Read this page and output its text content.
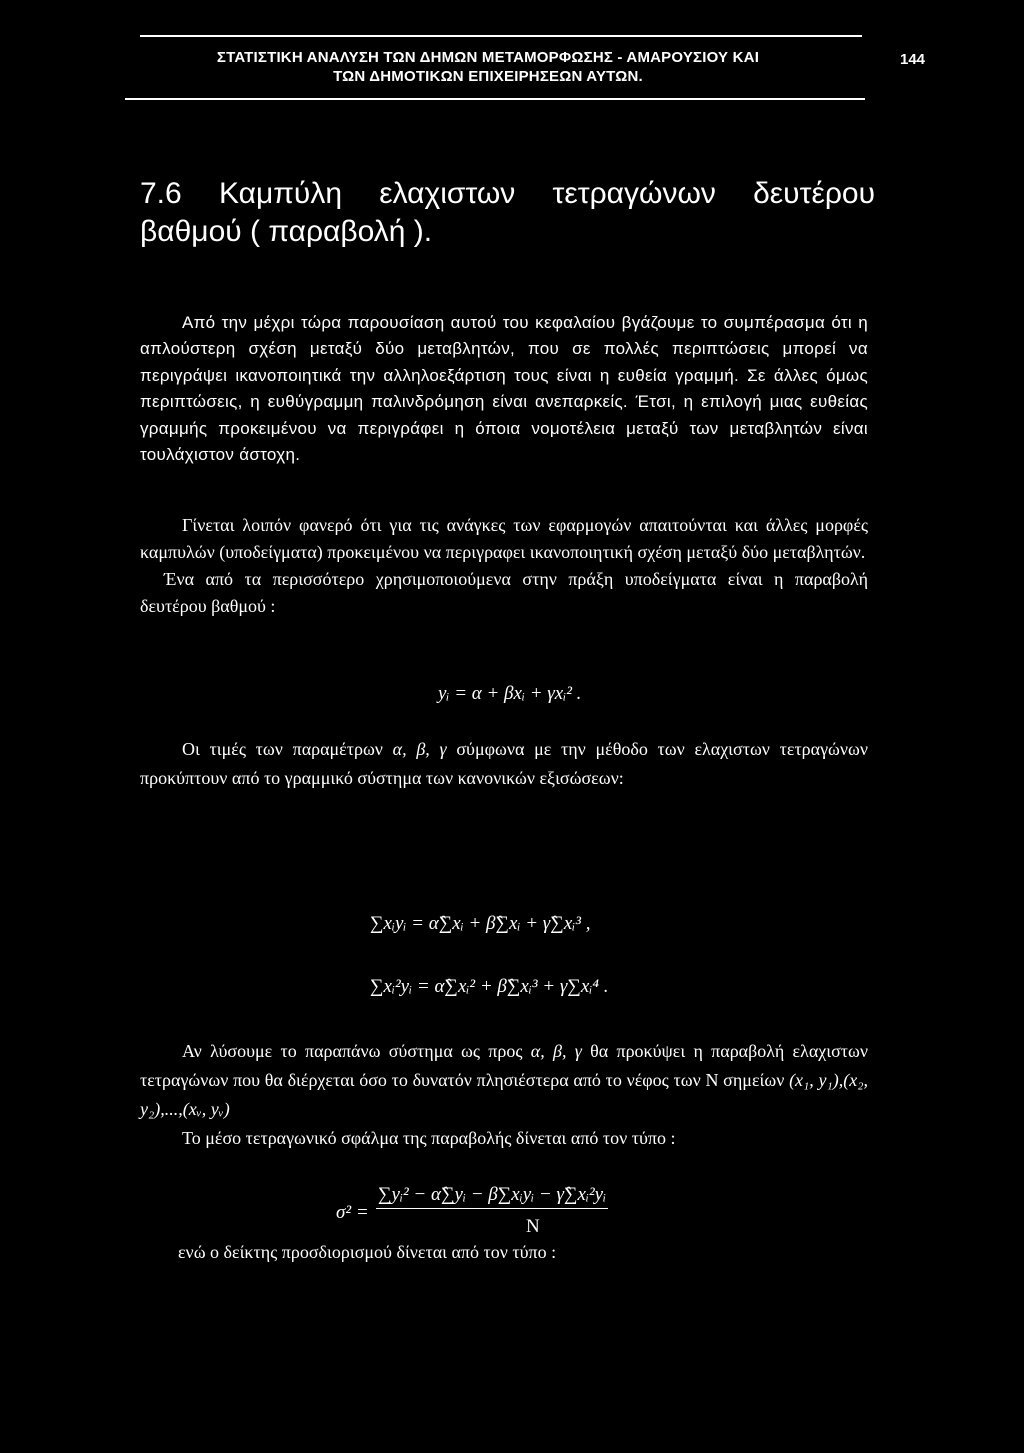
ΣΤΑΤΙΣΤΙΚΗ ΑΝΑΛΥΣΗ ΤΩΝ ΔΗΜΩΝ ΜΕΤΑΜΟΡΦΩΣΗΣ - ΑΜΑΡΟΥΣΙΟΥ ΚΑΙ
ΤΩΝ ΔΗΜΟΤΙΚΩΝ ΕΠΙΧΕΙΡΗΣΕΩΝ ΑΥΤΩΝ.
144
7.6 Καμπύλη ελαχιστων τετραγώνων δευτέρου
βαθμού ( παραβολή ).

Από την μέχρι τώρα παρουσίαση αυτού του κεφαλαίου βγάζουμε το συμπέρασμα ότι η απλούστερη σχέση μεταξύ δύο μεταβλητών, που σε πολλές περιπτώσεις μπορεί να περιγράψει ικανοποιητικά την αλληλοεξάρτιση τους είναι η ευθεία γραμμή. Σε άλλες όμως περιπτώσεις, η ευθύγραμμη παλινδρόμηση είναι ανεπαρκείς. Έτσι, η επιλογή μιας ευθείας γραμμής προκειμένου να περιγράφει η όποια νομοτέλεια μεταξύ των μεταβλητών είναι τουλάχιστον άστοχη.

Γίνεται λοιπόν φανερό ότι για τις ανάγκες των εφαρμογών απαιτούνται και άλλες μορφές καμπυλών (υποδείγματα) προκειμένου να περιγραφει ικανοποιητική σχέση μεταξύ δύο μεταβλητών.

Ένα από τα περισσότερο χρησιμοποιούμενα στην πράξη υποδείγματα είναι η παραβολή δευτέρου βαθμού :

yᵢ = α + βxᵢ + γxᵢ² .

Οι τιμές των παραμέτρων α, β, γ σύμφωνα με την μέθοδο των ελαχιστων τετραγώνων προκύπτουν από το γραμμικό σύστημα των κανονικών εξισώσεων:

∑xᵢyᵢ = α̂∑xᵢ + β̂∑xᵢ + γ̂∑xᵢ³ ,
∑xᵢ²yᵢ = α̂∑xᵢ² + β̂∑xᵢ³ + γ∑xᵢ⁴ .

Αν λύσουμε το παραπάνω σύστημα ως προς α, β, γ θα προκύψει η παραβολή ελαχιστων τετραγώνων που θα διέρχεται όσο το δυνατόν πλησιέστερα από το νέφος των N σημείων (x₁, y₁),(x₂, y₂),...,(xᵥ, yᵥ)

Το μέσο τετραγωνικό σφάλμα της παραβολής δίνεται από τον τύπο :

σ² =
∑yᵢ² − α̂∑yᵢ − β∑xᵢyᵢ − γ̂∑xᵢ²yᵢ
N
ενώ ο δείκτης προσδιορισμού δίνεται από τον τύπο :
